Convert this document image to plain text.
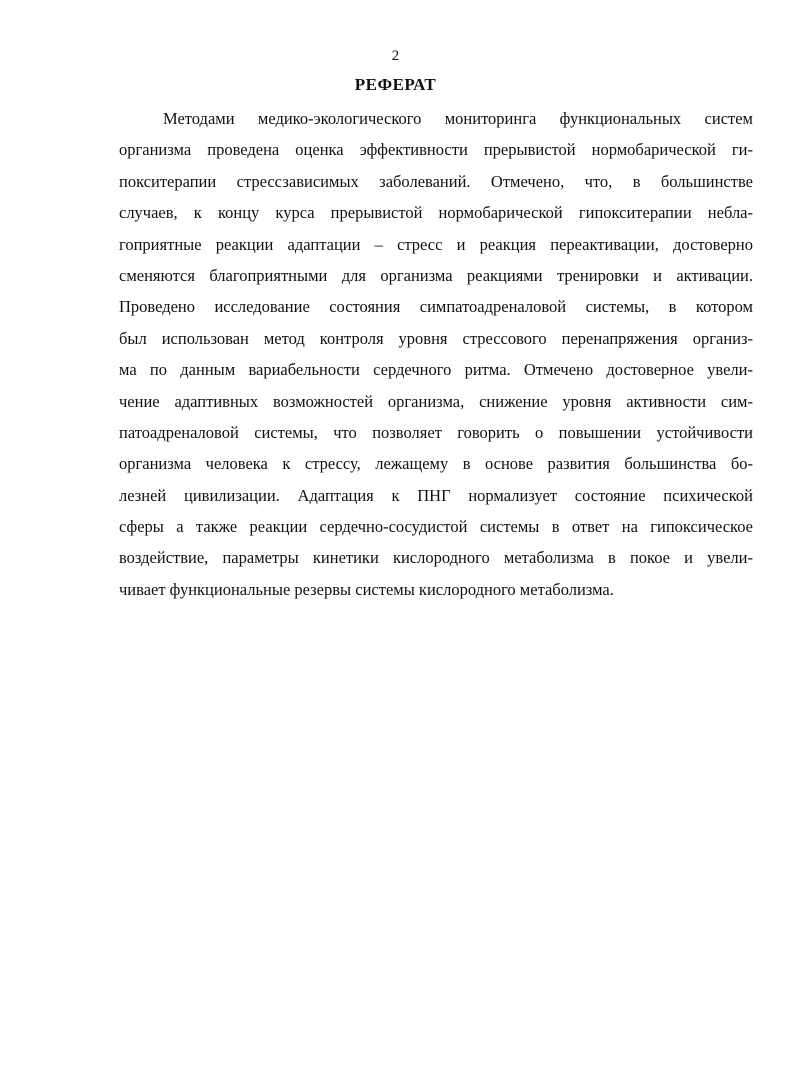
2
РЕФЕРАТ
Методами медико-экологического мониторинга функциональных систем
организма проведена оценка эффективности прерывистой нормобарической ги-
покситерапии стрессзависимых заболеваний. Отмечено, что, в большинстве
случаев, к концу курса прерывистой нормобарической гипокситерапии небла-
гоприятные реакции адаптации – стресс и реакция переактивации, достоверно
сменяются благоприятными для организма реакциями тренировки и активации.
Проведено исследование состояния симпатоадреналовой системы, в котором
был использован метод контроля уровня стрессового перенапряжения организ-
ма по данным вариабельности сердечного ритма. Отмечено достоверное увели-
чение адаптивных возможностей организма, снижение уровня активности сим-
патоадреналовой системы, что позволяет говорить о повышении устойчивости
организма человека к стрессу, лежащему в основе развития большинства бо-
лезней цивилизации. Адаптация к ПНГ нормализует состояние психической
сферы а также реакции сердечно-сосудистой системы в ответ на гипоксическое
воздействие, параметры кинетики кислородного метаболизма в покое и увели-
чивает функциональные резервы системы кислородного метаболизма.
